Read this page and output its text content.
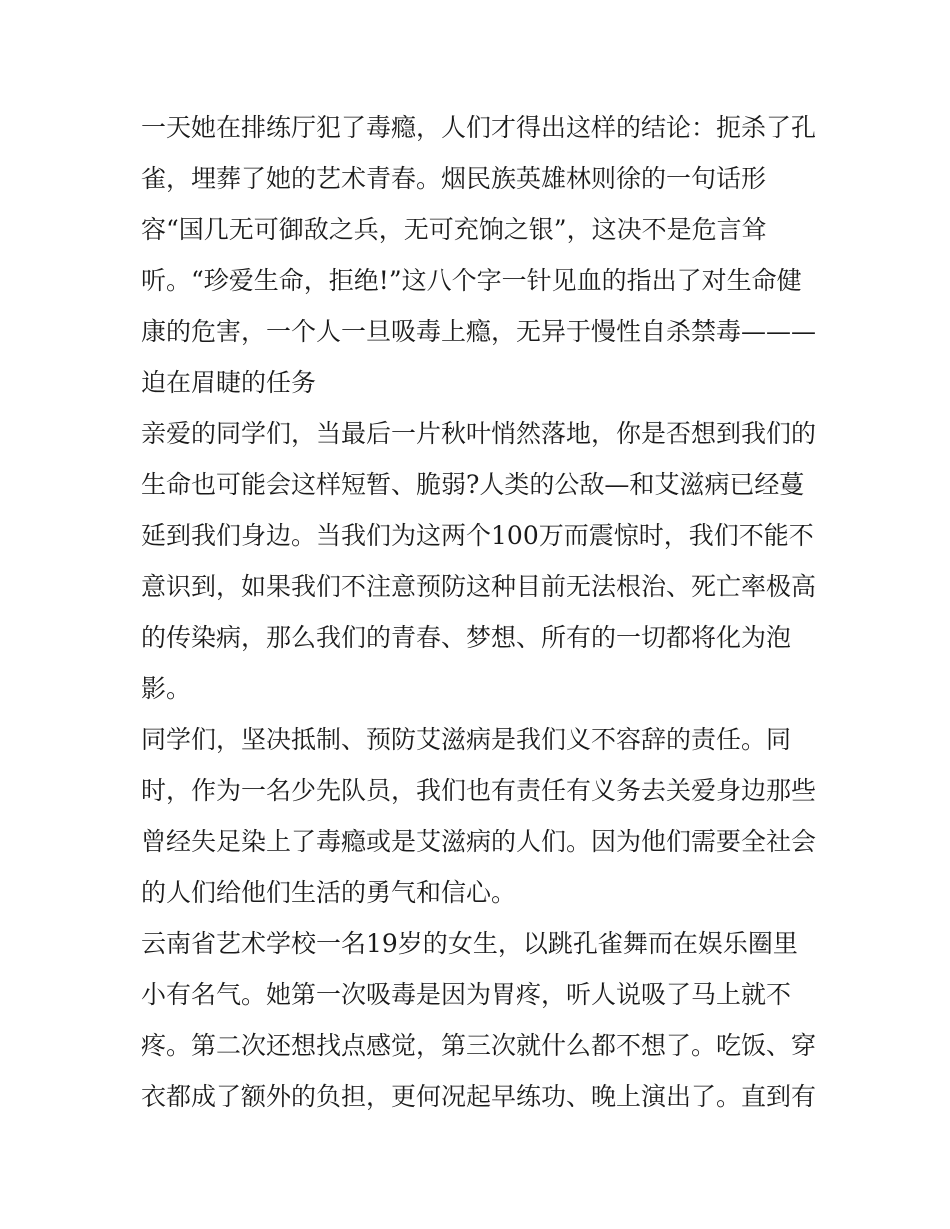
一天她在排练厅犯了毒瘾，人们才得出这样的结论：扼杀了孔
雀，埋葬了她的艺术青春。烟民族英雄林则徐的一句话形
容“国几无可御敌之兵，无可充饷之银”，这决不是危言耸
听。“珍爱生命，拒绝!”这八个字一针见血的指出了对生命健
康的危害，一个人一旦吸毒上瘾，无异于慢性自杀禁毒———
迫在眉睫的任务
亲爱的同学们，当最后一片秋叶悄然落地，你是否想到我们的
生命也可能会这样短暂、脆弱?人类的公敌—和艾滋病已经蔓
延到我们身边。当我们为这两个100万而震惊时，我们不能不
意识到，如果我们不注意预防这种目前无法根治、死亡率极高
的传染病，那么我们的青春、梦想、所有的一切都将化为泡
影。
同学们，坚决抵制、预防艾滋病是我们义不容辞的责任。同
时，作为一名少先队员，我们也有责任有义务去关爱身边那些
曾经失足染上了毒瘾或是艾滋病的人们。因为他们需要全社会
的人们给他们生活的勇气和信心。
云南省艺术学校一名19岁的女生，以跳孔雀舞而在娱乐圈里
小有名气。她第一次吸毒是因为胃疼，听人说吸了马上就不
疼。第二次还想找点感觉，第三次就什么都不想了。吃饭、穿
衣都成了额外的负担，更何况起早练功、晚上演出了。直到有
